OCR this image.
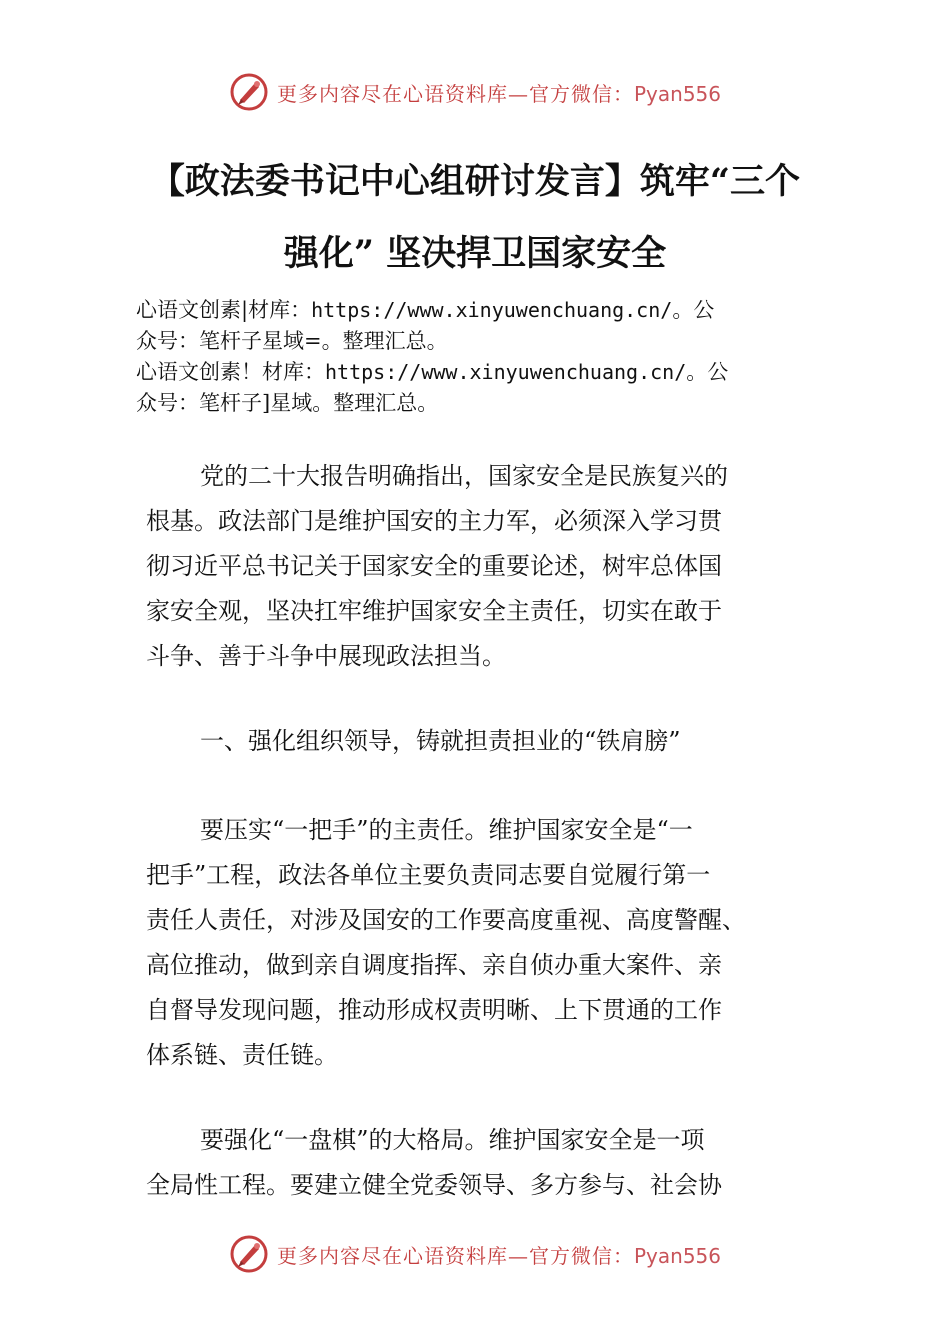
更多内容尽在心语资料库—官方微信：Pyan556
【政法委书记中心组研讨发言】筑牢“三个
强化” 坚决捍卫国家安全
心语文创素|材库：https://www.xinyuwenchuang.cn/。公
众号：笔杆子星域=。整理汇总。
心语文创素！材库：https://www.xinyuwenchuang.cn/。公
众号：笔杆子]星域。整理汇总。
党的二十大报告明确指出，国家安全是民族复兴的
根基。政法部门是维护国安的主力军，必须深入学习贯
彻习近平总书记关于国家安全的重要论述，树牢总体国
家安全观，坚决扛牢维护国家安全主责任，切实在敢于
斗争、善于斗争中展现政法担当。
一、强化组织领导，铸就担责担业的“铁肩膀”
要压实“一把手”的主责任。维护国家安全是“一
把手”工程，政法各单位主要负责同志要自觉履行第一
责任人责任，对涉及国安的工作要高度重视、高度警醒、
高位推动，做到亲自调度指挥、亲自侦办重大案件、亲
自督导发现问题，推动形成权责明晰、上下贯通的工作
体系链、责任链。
要强化“一盘棋”的大格局。维护国家安全是一项
全局性工程。要建立健全党委领导、多方参与、社会协
更多内容尽在心语资料库—官方微信：Pyan556
